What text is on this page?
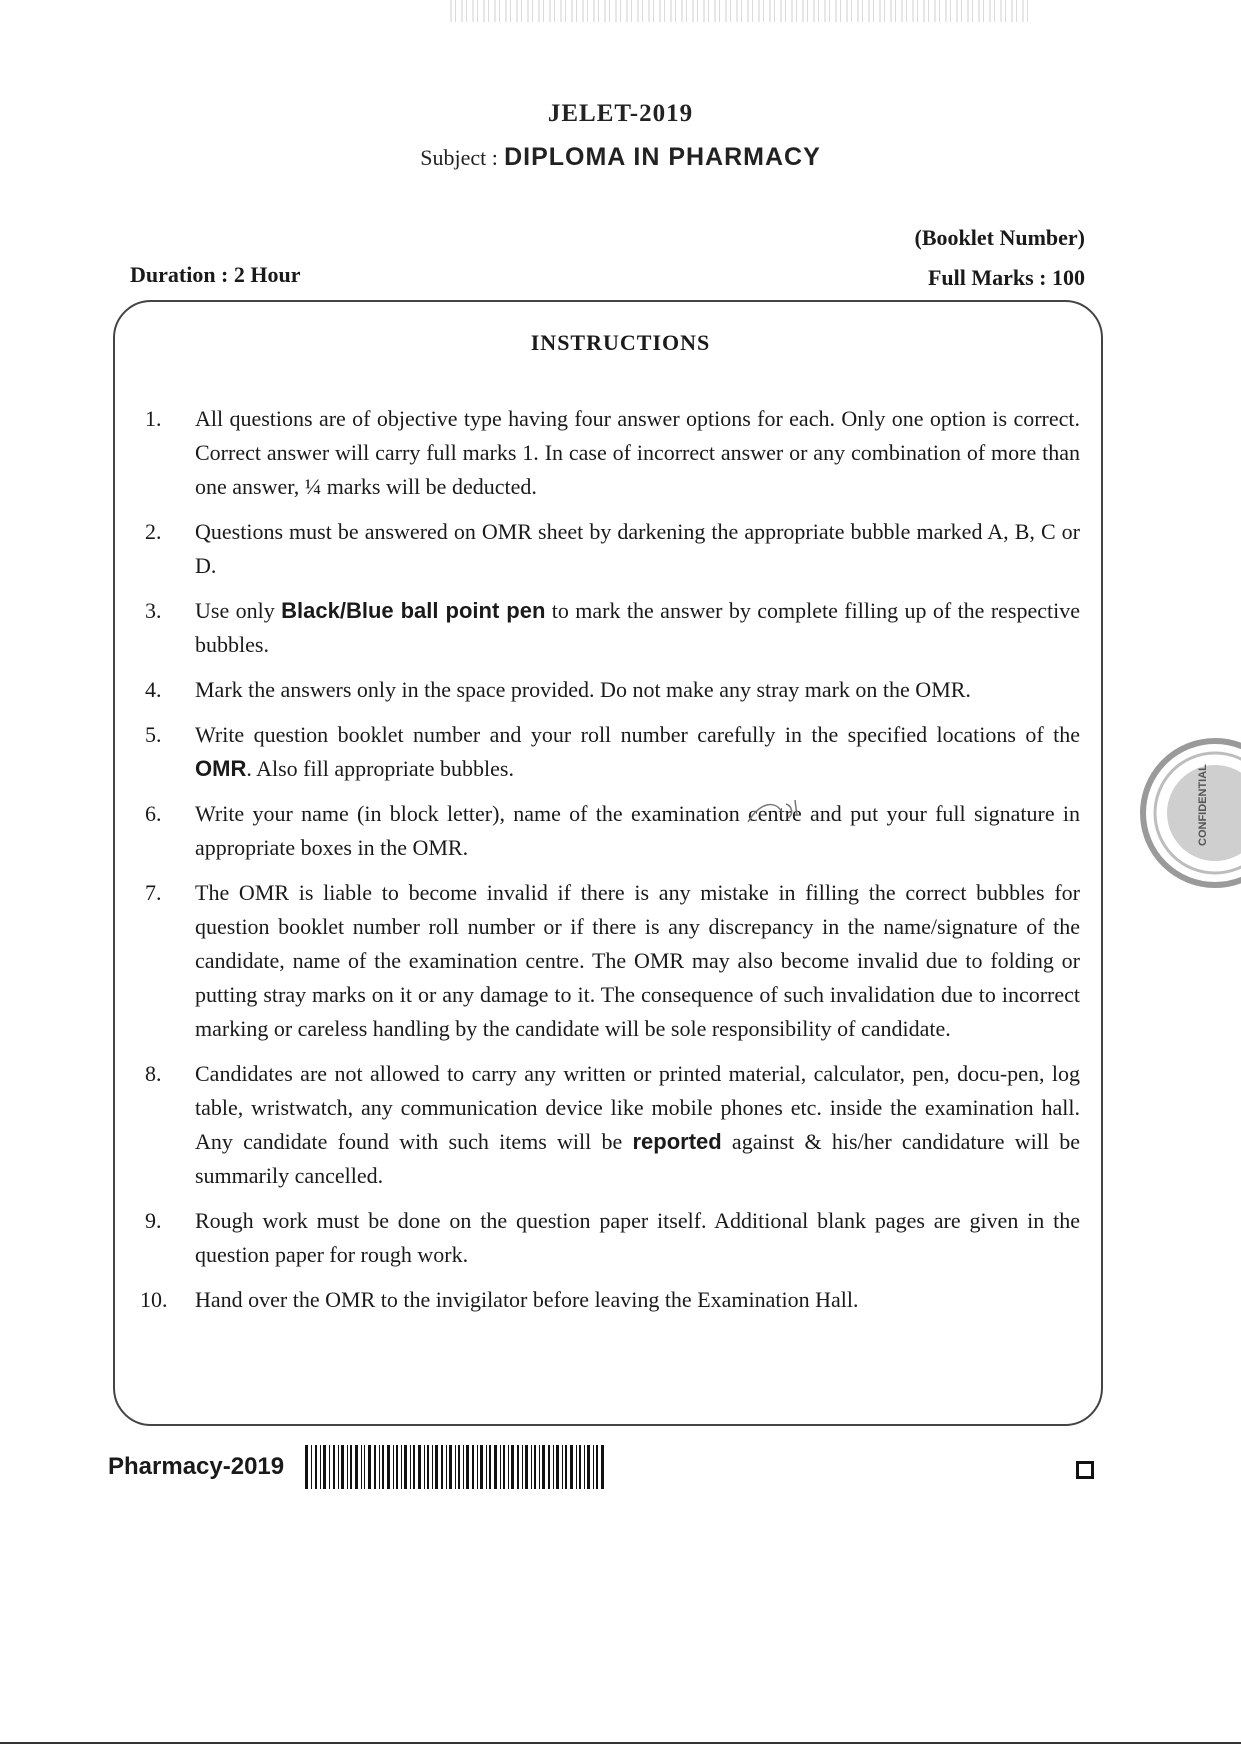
JELET-2019
Subject : DIPLOMA IN PHARMACY
(Booklet Number)
Duration : 2 Hour	Full Marks : 100
INSTRUCTIONS
1.	All questions are of objective type having four answer options for each. Only one option is correct. Correct answer will carry full marks 1. In case of incorrect answer or any combination of more than one answer, ¼ marks will be deducted.
2.	Questions must be answered on OMR sheet by darkening the appropriate bubble marked A, B, C or D.
3.	Use only Black/Blue ball point pen to mark the answer by complete filling up of the respective bubbles.
4.	Mark the answers only in the space provided. Do not make any stray mark on the OMR.
5.	Write question booklet number and your roll number carefully in the specified locations of the OMR. Also fill appropriate bubbles.
6.	Write your name (in block letter), name of the examination centre and put your full signature in appropriate boxes in the OMR.
7.	The OMR is liable to become invalid if there is any mistake in filling the correct bubbles for question booklet number roll number or if there is any discrepancy in the name/signature of the candidate, name of the examination centre. The OMR may also become invalid due to folding or putting stray marks on it or any damage to it. The consequence of such invalidation due to incorrect marking or careless handling by the candidate will be sole responsibility of candidate.
8.	Candidates are not allowed to carry any written or printed material, calculator, pen, docu-pen, log table, wristwatch, any communication device like mobile phones etc. inside the examination hall. Any candidate found with such items will be reported against & his/her candidature will be summarily cancelled.
9.	Rough work must be done on the question paper itself. Additional blank pages are given in the question paper for rough work.
10.	Hand over the OMR to the invigilator before leaving the Examination Hall.
Pharmacy-2019
CONFIDENTIAL
